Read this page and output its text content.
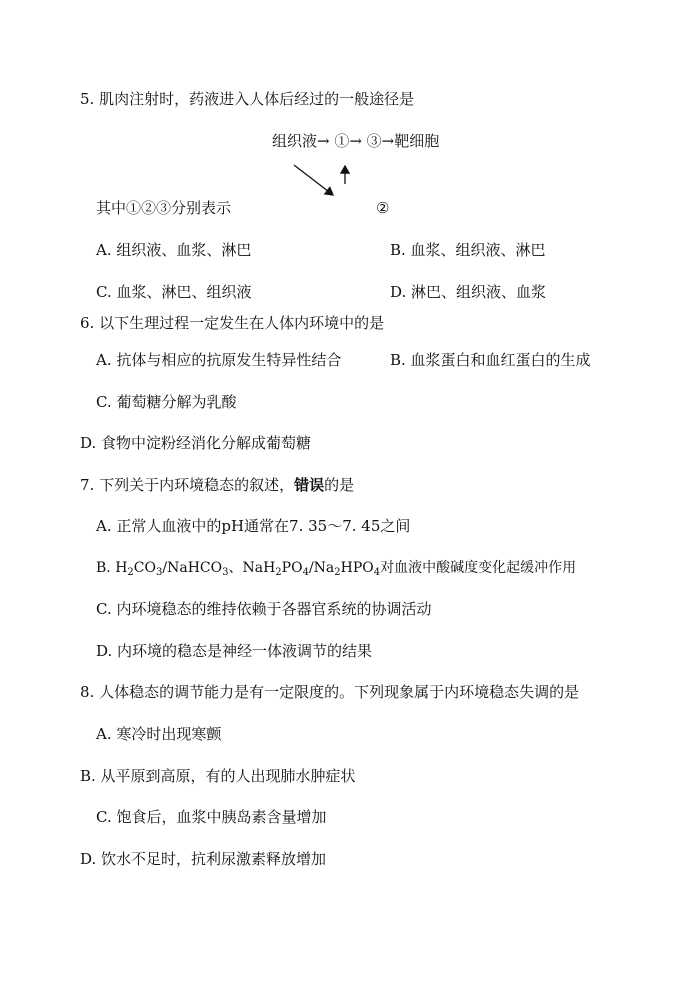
5. 肌肉注射时，药液进入人体后经过的一般途径是
组织液→ ①→ ③→靶细胞
②
其中①②③分别表示
A. 组织液、血浆、淋巴	B. 血浆、组织液、淋巴
C. 血浆、淋巴、组织液	D. 淋巴、组织液、血浆
6. 以下生理过程一定发生在人体内环境中的是
A. 抗体与相应的抗原发生特异性结合	B. 血浆蛋白和血红蛋白的生成
C. 葡萄糖分解为乳酸
D. 食物中淀粉经消化分解成葡萄糖
7. 下列关于内环境稳态的叙述，错误的是
A. 正常人血液中的pH通常在7. 35～7. 45之间
B. $H_2CO_3/NaHCO_3$、$NaH_2PO_4/Na_2HPO_4$对血液中酸碱度变化起缓冲作用
C. 内环境稳态的维持依赖于各器官系统的协调活动
D. 内环境的稳态是神经一体液调节的结果
8. 人体稳态的调节能力是有一定限度的。下列现象属于内环境稳态失调的是
A. 寒冷时出现寒颤
B. 从平原到高原，有的人出现肺水肿症状
C. 饱食后，血浆中胰岛素含量增加
D. 饮水不足时，抗利尿激素释放增加
